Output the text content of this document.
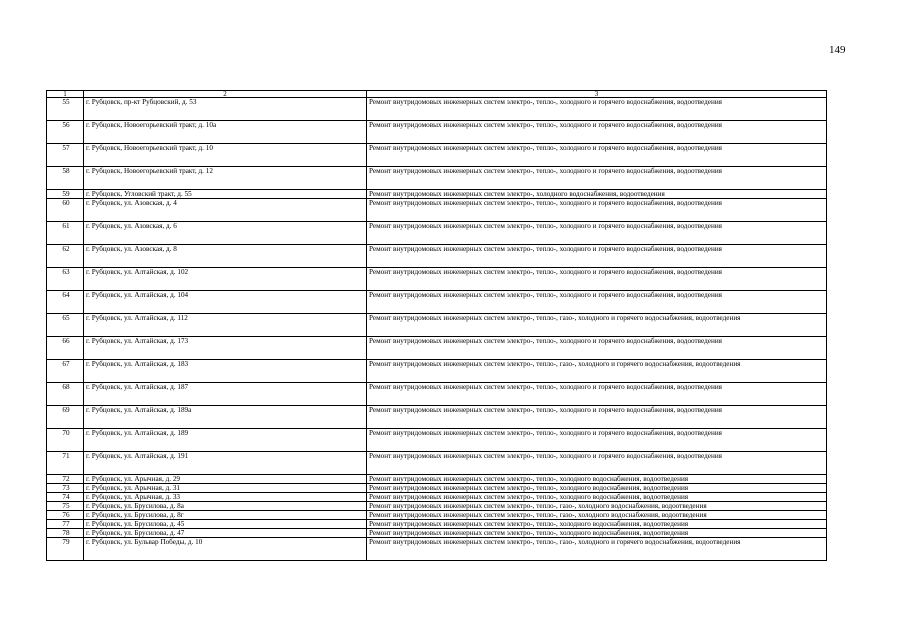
149
1	2	3
55	г. Рубцовск, пр-кт Рубцовский, д. 53	Ремонт внутридомовых инженерных систем электро-, тепло-, холодного и горячего водоснабжения, водоотведения
56	г. Рубцовск, Новоегорьевский тракт, д. 10а	Ремонт внутридомовых инженерных систем электро-, тепло-, холодного и горячего водоснабжения, водоотведения
57	г. Рубцовск, Новоегорьевский тракт, д. 10	Ремонт внутридомовых инженерных систем электро-, тепло-, холодного и горячего водоснабжения, водоотведения
58	г. Рубцовск, Новоегорьевский тракт, д. 12	Ремонт внутридомовых инженерных систем электро-, тепло-, холодного и горячего водоснабжения, водоотведения
59	г. Рубцовск, Угловский тракт, д. 55	Ремонт внутридомовых инженерных систем электро-, холодного водоснабжения, водоотведения
60	г. Рубцовск, ул. Азовская, д. 4	Ремонт внутридомовых инженерных систем электро-, тепло-, холодного и горячего водоснабжения, водоотведения
61	г. Рубцовск, ул. Азовская, д. 6	Ремонт внутридомовых инженерных систем электро-, тепло-, холодного и горячего водоснабжения, водоотведения
62	г. Рубцовск, ул. Азовская, д. 8	Ремонт внутридомовых инженерных систем электро-, тепло-, холодного и горячего водоснабжения, водоотведения
63	г. Рубцовск, ул. Алтайская, д. 102	Ремонт внутридомовых инженерных систем электро-, тепло-, холодного и горячего водоснабжения, водоотведения
64	г. Рубцовск, ул. Алтайская, д. 104	Ремонт внутридомовых инженерных систем электро-, тепло-, холодного и горячего водоснабжения, водоотведения
65	г. Рубцовск, ул. Алтайская, д. 112	Ремонт внутридомовых инженерных систем электро-, тепло-, газо-, холодного и горячего водоснабжения, водоотведения
66	г. Рубцовск, ул. Алтайская, д. 173	Ремонт внутридомовых инженерных систем электро-, тепло-, холодного и горячего водоснабжения, водоотведения
67	г. Рубцовск, ул. Алтайская, д. 183	Ремонт внутридомовых инженерных систем электро-, тепло-, газо-, холодного и горячего водоснабжения, водоотведения
68	г. Рубцовск, ул. Алтайская, д. 187	Ремонт внутридомовых инженерных систем электро-, тепло-, холодного и горячего водоснабжения, водоотведения
69	г. Рубцовск, ул. Алтайская, д. 189а	Ремонт внутридомовых инженерных систем электро-, тепло-, холодного и горячего водоснабжения, водоотведения
70	г. Рубцовск, ул. Алтайская, д. 189	Ремонт внутридомовых инженерных систем электро-, тепло-, холодного и горячего водоснабжения, водоотведения
71	г. Рубцовск, ул. Алтайская, д. 191	Ремонт внутридомовых инженерных систем электро-, тепло-, холодного и горячего водоснабжения, водоотведения
72	г. Рубцовск, ул. Арычная, д. 29	Ремонт внутридомовых инженерных систем электро-, тепло-, холодного водоснабжения, водоотведения
73	г. Рубцовск, ул. Арычная, д. 31	Ремонт внутридомовых инженерных систем электро-, тепло-, холодного водоснабжения, водоотведения
74	г. Рубцовск, ул. Арычная, д. 33	Ремонт внутридомовых инженерных систем электро-, тепло-, холодного водоснабжения, водоотведения
75	г. Рубцовск, ул. Брусилова, д. 8а	Ремонт внутридомовых инженерных систем электро-, тепло-, газо-, холодного водоснабжения, водоотведения
76	г. Рубцовск, ул. Брусилова, д. 8г	Ремонт внутридомовых инженерных систем электро-, тепло-, газо-, холодного водоснабжения, водоотведения
77	г. Рубцовск, ул. Брусилова, д. 45	Ремонт внутридомовых инженерных систем электро-, тепло-, холодного водоснабжения, водоотведения
78	г. Рубцовск, ул. Брусилова, д. 47	Ремонт внутридомовых инженерных систем электро-, тепло-, холодного водоснабжения, водоотведения
79	г. Рубцовск, ул. Бульвар Победы, д. 10	Ремонт внутридомовых инженерных систем электро-, тепло-, газо-, холодного и горячего водоснабжения, водоотведения
